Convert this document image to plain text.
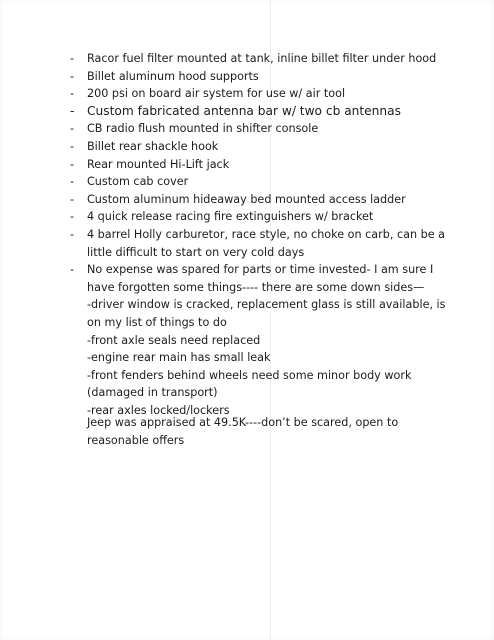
- Racor fuel filter mounted at tank, inline billet filter under hood
- Billet aluminum hood supports
- 200 psi on board air system for use w/ air tool
- Custom fabricated antenna bar w/ two cb antennas
- CB radio flush mounted in shifter console
- Billet rear shackle hook
- Rear mounted Hi-Lift jack
- Custom cab cover
- Custom aluminum hideaway bed mounted access ladder
- 4 quick release racing fire extinguishers w/ bracket
- 4 barrel Holly carburetor, race style, no choke on carb, can be a little difficult to start on very cold days
- No expense was spared for parts or time invested- I am sure I have forgotten some things---- there are some down sides—
-driver window is cracked, replacement glass is still available, is on my list of things to do
-front axle seals need replaced
-engine rear main has small leak
-front fenders behind wheels need some minor body work (damaged in transport)
-rear axles locked/lockers

Jeep was appraised at 49.5K----don’t be scared, open to reasonable offers
